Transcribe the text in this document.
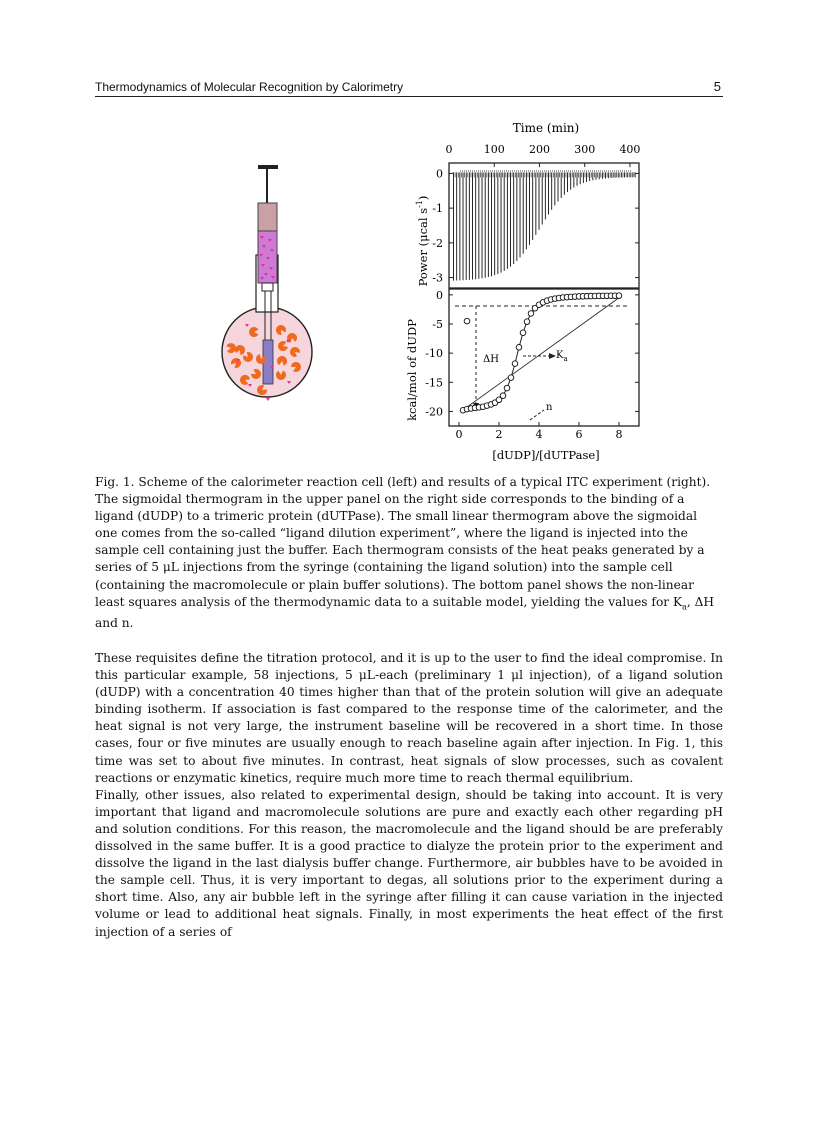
Thermodynamics of Molecular Recognition by Calorimetry	5
Time (min)
0	100 200 300 400
Power (μcal $s^{-1}$)
kcal/mol of dUDP
0
-1
-2
-3
0
-5
-10
-15
-20
ΔH	$K_a$
n
0	2	4	6	8
[dUDP]/[dUTPase]

Fig. 1. Scheme of the calorimeter reaction cell (left) and results of a typical ITC experiment (right). The sigmoidal thermogram in the upper panel on the right side corresponds to the binding of a ligand (dUDP) to a trimeric protein (dUTPase). The small linear thermogram above the sigmoidal one comes from the so-called “ligand dilution experiment”, where the ligand is injected into the sample cell containing just the buffer. Each thermogram consists of the heat peaks generated by a series of 5 μL injections from the syringe (containing the ligand solution) into the sample cell (containing the macromolecule or plain buffer solutions). The bottom panel shows the non-linear least squares analysis of the thermodynamic data to a suitable model, yielding the values for $K_a$, ΔH and n.

These requisites define the titration protocol, and it is up to the user to find the ideal compromise. In this particular example, 58 injections, 5 μL-each (preliminary 1 μl injection), of a ligand solution (dUDP) with a concentration 40 times higher than that of the protein solution will give an adequate binding isotherm. If association is fast compared to the response time of the calorimeter, and the heat signal is not very large, the instrument baseline will be recovered in a short time. In those cases, four or five minutes are usually enough to reach baseline again after injection. In Fig. 1, this time was set to about five minutes. In contrast, heat signals of slow processes, such as covalent reactions or enzymatic kinetics, require much more time to reach thermal equilibrium.

Finally, other issues, also related to experimental design, should be taking into account. It is very important that ligand and macromolecule solutions are pure and exactly each other regarding pH and solution conditions. For this reason, the macromolecule and the ligand should be are preferably dissolved in the same buffer. It is a good practice to dialyze the protein prior to the experiment and dissolve the ligand in the last dialysis buffer change. Furthermore, air bubbles have to be avoided in the sample cell. Thus, it is very important to degas, all solutions prior to the experiment during a short time. Also, any air bubble left in the syringe after filling it can cause variation in the injected volume or lead to additional heat signals. Finally, in most experiments the heat effect of the first injection of a series of
